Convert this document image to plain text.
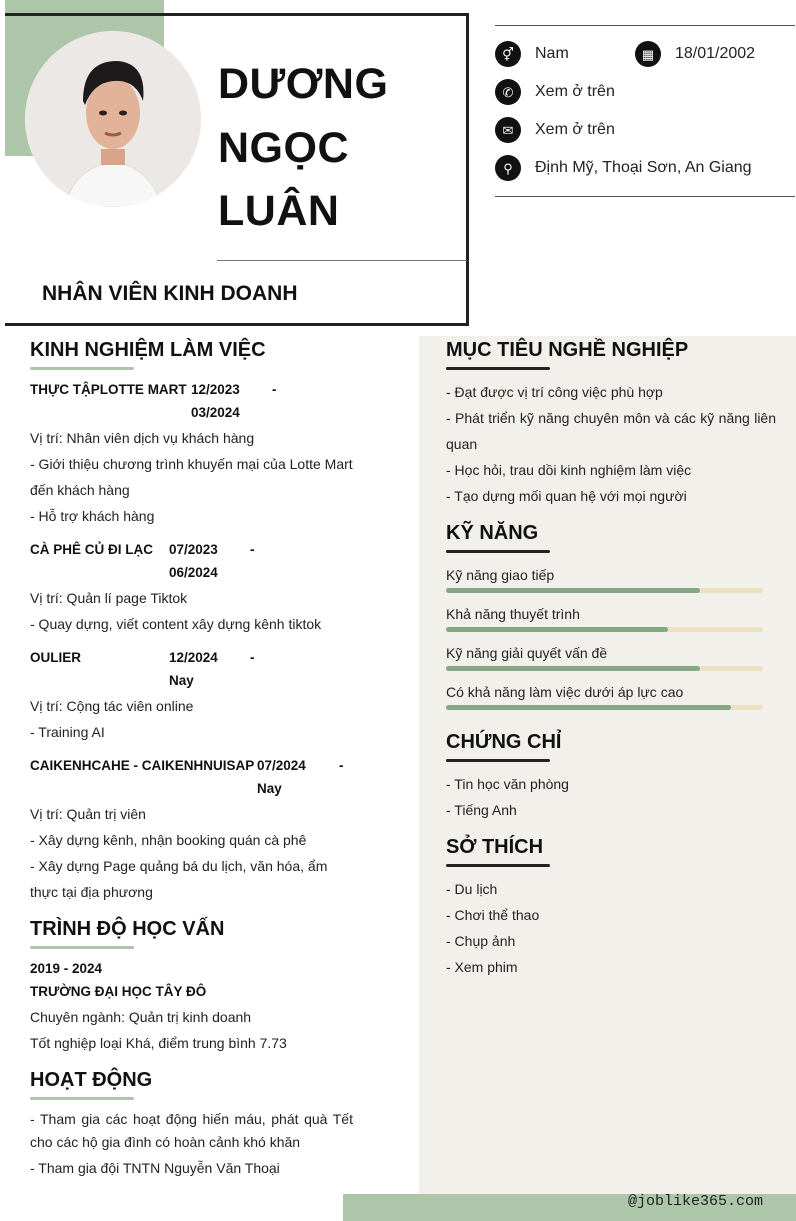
DƯƠNG
NGỌC
LUÂN
NHÂN VIÊN KINH DOANH
⚥	Nam	▦	18/01/2002
✆	Xem ở trên
✉	Xem ở trên
⚲	Định Mỹ, Thoại Sơn, An Giang
KINH NGHIỆM LÀM VIỆC
THỰC TẬPLOTTE MART 12/2023 -
03/2024
Vị trí: Nhân viên dịch vụ khách hàng
- Giới thiệu chương trình khuyến mại của Lotte Mart đến khách hàng
- Hỗ trợ khách hàng
CÀ PHÊ CỦ ĐI LẠC 07/2023 -
06/2024
Vị trí: Quản lí page Tiktok
- Quay dựng, viết content xây dựng kênh tiktok
OULIER	12/2024 -
Nay
Vị trí: Cộng tác viên online
- Training AI
CAIKENHCAHE - CAIKENHNUISAP 07/2024 -
Nay
Vị trí: Quản trị viên
- Xây dựng kênh, nhận booking quán cà phê
- Xây dựng Page quảng bá du lịch, văn hóa, ẩm thực tại địa phương
TRÌNH ĐỘ HỌC VẤN
2019 - 2024
TRƯỜNG ĐẠI HỌC TÂY ĐÔ
Chuyên ngành: Quản trị kinh doanh
Tốt nghiệp loại Khá, điểm trung bình 7.73
HOẠT ĐỘNG
- Tham gia các hoạt động hiến máu, phát quà Tết cho các hộ gia đình có hoàn cảnh khó khăn
- Tham gia đội TNTN Nguyễn Văn Thoại
MỤC TIÊU NGHỀ NGHIỆP
- Đạt được vị trí công việc phù hợp
- Phát triển kỹ năng chuyên môn và các kỹ năng liên quan
- Học hỏi, trau dồi kinh nghiệm làm việc
- Tạo dựng mối quan hệ với mọi người
KỸ NĂNG
Kỹ năng giao tiếp
Khả năng thuyết trình
Kỹ năng giải quyết vấn đề
Có khả năng làm việc dưới áp lực cao
CHỨNG CHỈ
- Tin học văn phòng
- Tiếng Anh
SỞ THÍCH
- Du lịch
- Chơi thể thao
- Chụp ảnh
- Xem phim
@joblike365.com
